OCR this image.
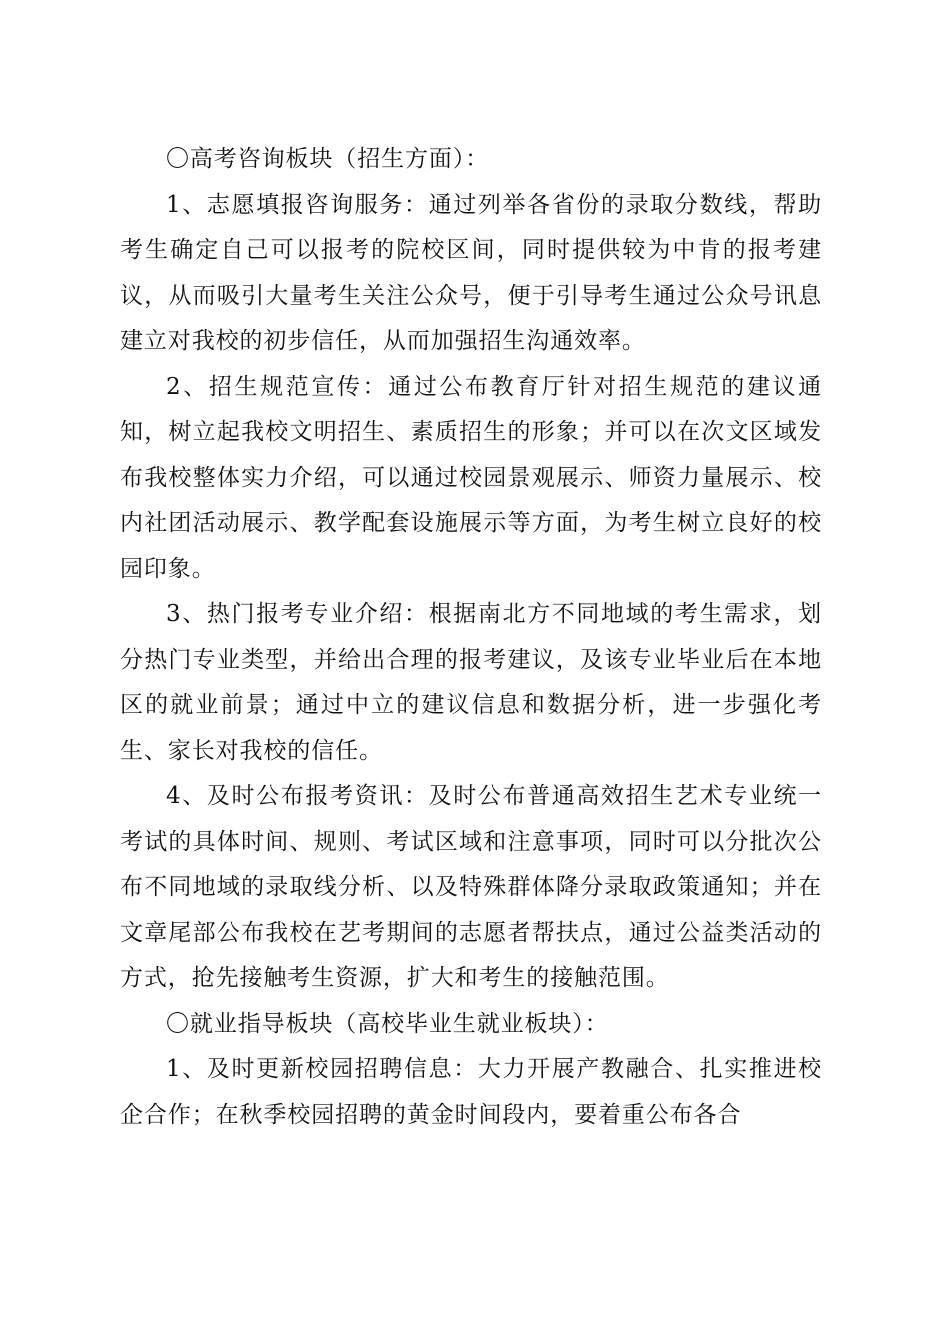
〇高考咨询板块（招生方面）：

1、志愿填报咨询服务：通过列举各省份的录取分数线，帮助考生确定自己可以报考的院校区间，同时提供较为中肯的报考建议，从而吸引大量考生关注公众号，便于引导考生通过公众号讯息建立对我校的初步信任，从而加强招生沟通效率。

2、招生规范宣传：通过公布教育厅针对招生规范的建议通知，树立起我校文明招生、素质招生的形象；并可以在次文区域发布我校整体实力介绍，可以通过校园景观展示、师资力量展示、校内社团活动展示、教学配套设施展示等方面，为考生树立良好的校园印象。

3、热门报考专业介绍：根据南北方不同地域的考生需求，划分热门专业类型，并给出合理的报考建议，及该专业毕业后在本地区的就业前景；通过中立的建议信息和数据分析，进一步强化考生、家长对我校的信任。

4、及时公布报考资讯：及时公布普通高效招生艺术专业统一考试的具体时间、规则、考试区域和注意事项，同时可以分批次公布不同地域的录取线分析、以及特殊群体降分录取政策通知；并在文章尾部公布我校在艺考期间的志愿者帮扶点，通过公益类活动的方式，抢先接触考生资源，扩大和考生的接触范围。

〇就业指导板块（高校毕业生就业板块）：

1、及时更新校园招聘信息：大力开展产教融合、扎实推进校企合作；在秋季校园招聘的黄金时间段内，要着重公布各合
